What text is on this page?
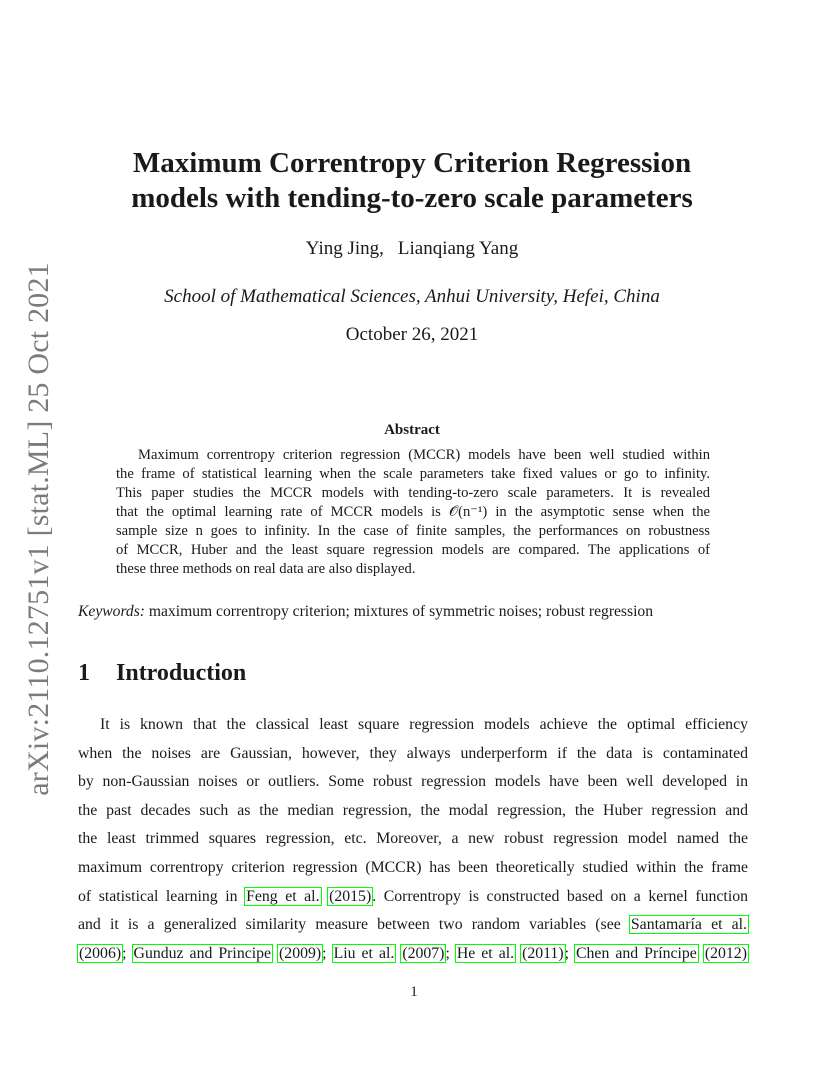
arXiv:2110.12751v1 [stat.ML] 25 Oct 2021
Maximum Correntropy Criterion Regression
models with tending-to-zero scale parameters
Ying Jing, Lianqiang Yang
School of Mathematical Sciences, Anhui University, Hefei, China
October 26, 2021
Abstract
Maximum correntropy criterion regression (MCCR) models have been well studied within
the frame of statistical learning when the scale parameters take fixed values or go to infinity.
This paper studies the MCCR models with tending-to-zero scale parameters. It is revealed
that the optimal learning rate of MCCR models is 𝒪(n⁻¹) in the asymptotic sense when the
sample size n goes to infinity. In the case of finite samples, the performances on robustness
of MCCR, Huber and the least square regression models are compared. The applications of
these three methods on real data are also displayed.
Keywords: maximum correntropy criterion; mixtures of symmetric noises; robust regression
1 Introduction
It is known that the classical least square regression models achieve the optimal efficiency
when the noises are Gaussian, however, they always underperform if the data is contaminated
by non-Gaussian noises or outliers. Some robust regression models have been well developed in
the past decades such as the median regression, the modal regression, the Huber regression and
the least trimmed squares regression, etc. Moreover, a new robust regression model named the
maximum correntropy criterion regression (MCCR) has been theoretically studied within the frame
of statistical learning in Feng et al. (2015). Correntropy is constructed based on a kernel function
and it is a generalized similarity measure between two random variables (see Santamaría et al.
(2006); Gunduz and Principe (2009); Liu et al. (2007); He et al. (2011); Chen and Príncipe (2012)
1
